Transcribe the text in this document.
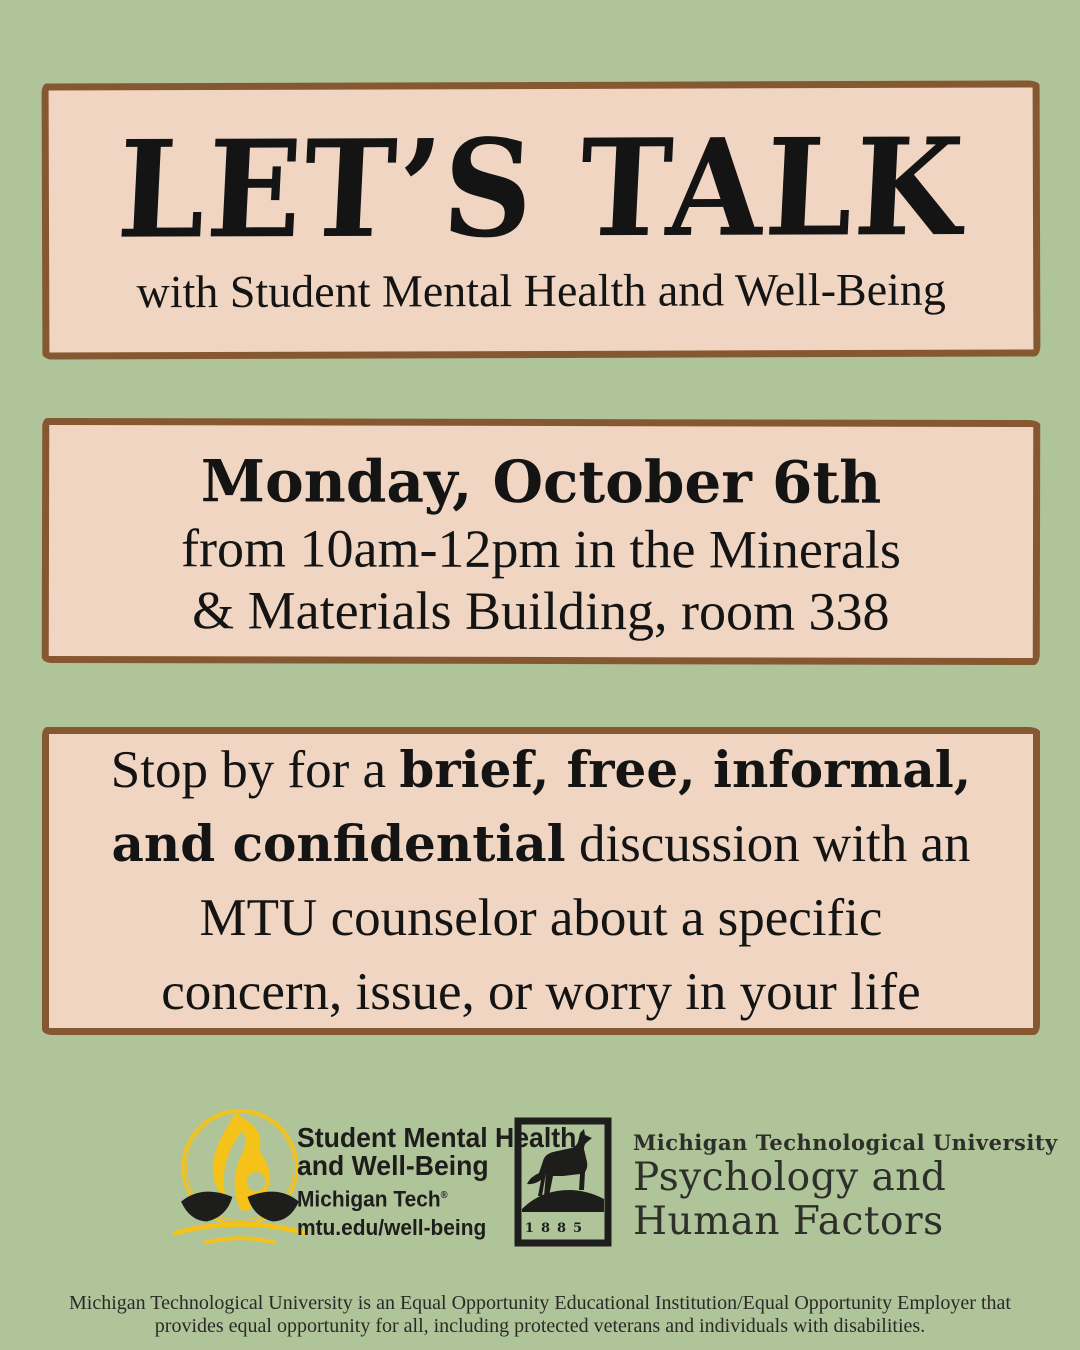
LET’S TALK

with Student Mental Health and Well-Being

Monday, October 6th
from 10am-12pm in the Minerals
& Materials Building, room 338
Stop by for a brief, free, informal,
and confidential discussion with an
MTU counselor about a specific
concern, issue, or worry in your life
Student Mental Health
and Well-Being
Michigan Tech®
mtu.edu/well-being	1885
Michigan Technological University
Psychology and
Human Factors
Michigan Technological University is an Equal Opportunity Educational Institution/Equal Opportunity Employer that provides equal opportunity for all, including protected veterans and individuals with disabilities.
